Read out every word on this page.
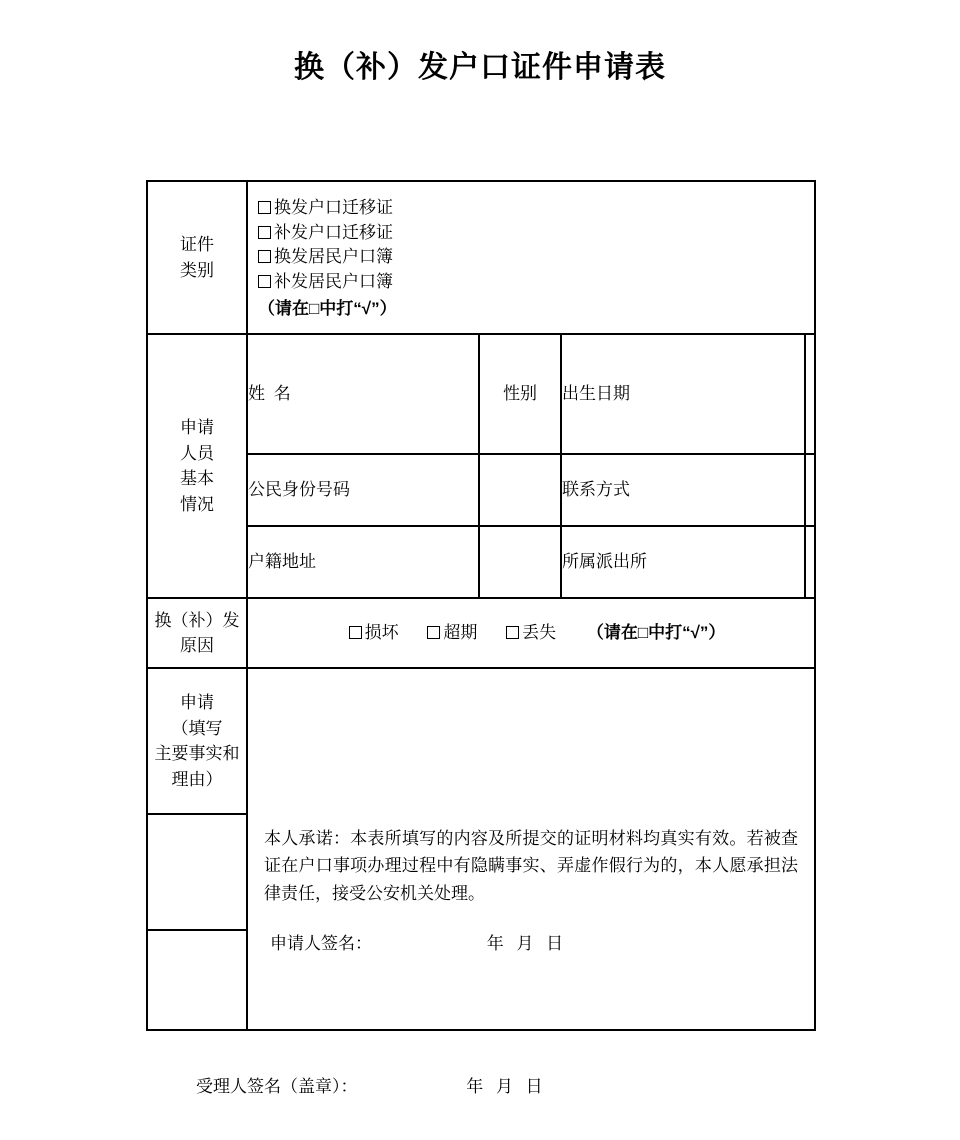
换（补）发户口证件申请表
证件
类别

换发户口迁移证
补发户口迁移证
换发居民户口簿
补发居民户口簿
（请在□中打“√”）

申请
人员
基本
情况	姓 名	性别	出生日期	
	公民身份号码		联系方式	
	户籍地址		所属派出所	

换（补）发
原因	损坏 超期 丢失 （请在□中打“√”）			

申请
（填写
主要事实和
理由）

本人承诺：本表所填写的内容及所提交的证明材料均真实有效。若被查证在户口事项办理过程中有隐瞒事实、弄虚作假行为的，本人愿承担法律责任，接受公安机关处理。
申请人签名：	年 月 日

受理人签名（盖章）：	年 月 日
